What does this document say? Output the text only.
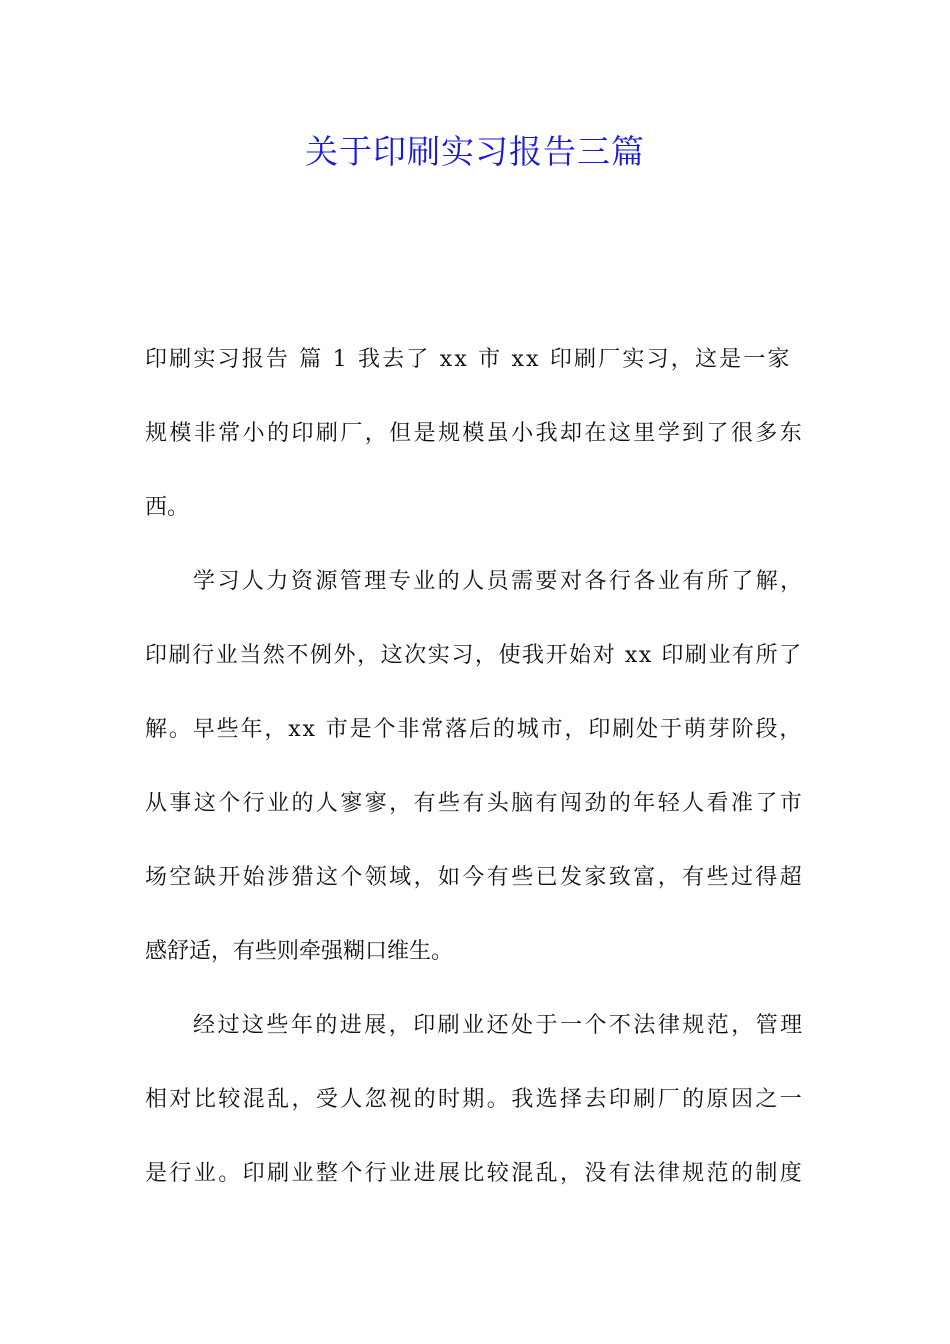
关于印刷实习报告三篇
印刷实习报告 篇 1 我去了 xx 市 xx 印刷厂实习，这是一家
规模非常小的印刷厂，但是规模虽小我却在这里学到了很多东
西。
学习人力资源管理专业的人员需要对各行各业有所了解，
印刷行业当然不例外，这次实习，使我开始对 xx 印刷业有所了
解。早些年，xx 市是个非常落后的城市，印刷处于萌芽阶段，
从事这个行业的人寥寥，有些有头脑有闯劲的年轻人看准了市
场空缺开始涉猎这个领域，如今有些已发家致富，有些过得超
感舒适，有些则牵强糊口维生。
经过这些年的进展，印刷业还处于一个不法律规范，管理
相对比较混乱，受人忽视的时期。我选择去印刷厂的原因之一
是行业。印刷业整个行业进展比较混乱，没有法律规范的制度
